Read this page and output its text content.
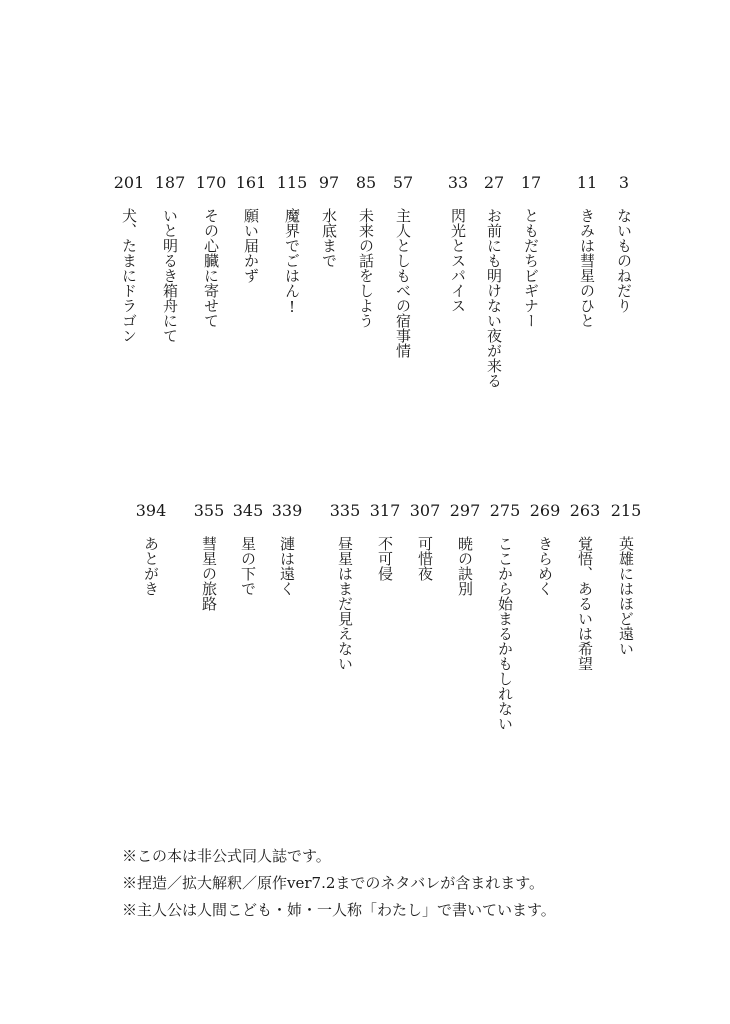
3
ないものねだり
11
きみは彗星のひと
17
ともだちビギナー
27
お前にも明けない夜が来る
33
閃光とスパイス
57
主人としもべの宿事情
85
未来の話をしよう
97
水底まで
115
魔界でごはん!
161
願い届かず
170
その心臓に寄せて
187
いと明るき箱舟にて
201
犬、たまにドラゴン
215
英雄にはほど遠い
263
覚悟、あるいは希望
269
きらめく
275
ここから始まるかもしれない
297
暁の訣別
307
可惜夜
317
不可侵
335
昼星はまだ見えない
339
漣は遠く
345
星の下で
355
彗星の旅路
394
あとがき
※この本は非公式同人誌です。
※捏造／拡大解釈／原作ver7.2までのネタバレが含まれます。
※主人公は人間こども・姉・一人称「わたし」で書いています。
